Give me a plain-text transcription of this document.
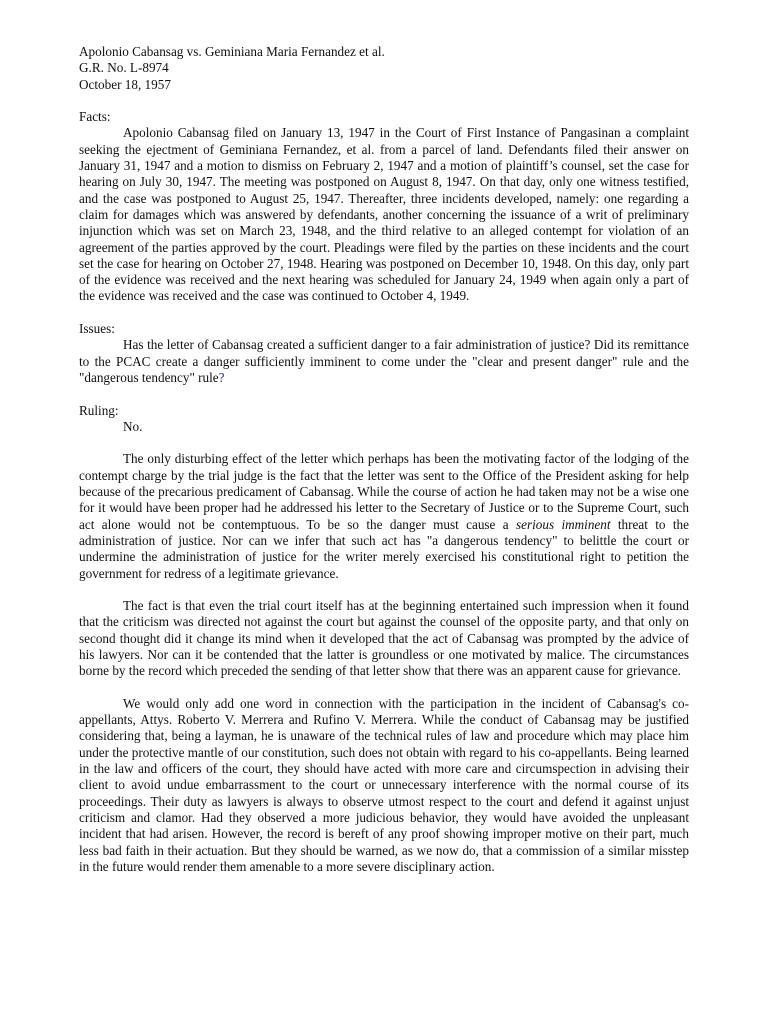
Apolonio Cabansag vs. Geminiana Maria Fernandez et al.
G.R. No. L-8974
October 18, 1957
Facts:

Apolonio Cabansag filed on January 13, 1947 in the Court of First Instance of Pangasinan a complaint seeking the ejectment of Geminiana Fernandez, et al. from a parcel of land. Defendants filed their answer on January 31, 1947 and a motion to dismiss on February 2, 1947 and a motion of plaintiff’s counsel, set the case for hearing on July 30, 1947. The meeting was postponed on August 8, 1947. On that day, only one witness testified, and the case was postponed to August 25, 1947. Thereafter, three incidents developed, namely: one regarding a claim for damages which was answered by defendants, another concerning the issuance of a writ of preliminary injunction which was set on March 23, 1948, and the third relative to an alleged contempt for violation of an agreement of the parties approved by the court. Pleadings were filed by the parties on these incidents and the court set the case for hearing on October 27, 1948. Hearing was postponed on December 10, 1948. On this day, only part of the evidence was received and the next hearing was scheduled for January 24, 1949 when again only a part of the evidence was received and the case was continued to October 4, 1949.

Issues:

Has the letter of Cabansag created a sufficient danger to a fair administration of justice? Did its remittance to the PCAC create a danger sufficiently imminent to come under the "clear and present danger" rule and the "dangerous tendency" rule?

Ruling:
No.

The only disturbing effect of the letter which perhaps has been the motivating factor of the lodging of the contempt charge by the trial judge is the fact that the letter was sent to the Office of the President asking for help because of the precarious predicament of Cabansag. While the course of action he had taken may not be a wise one for it would have been proper had he addressed his letter to the Secretary of Justice or to the Supreme Court, such act alone would not be contemptuous. To be so the danger must cause a serious imminent threat to the administration of justice. Nor can we infer that such act has "a dangerous tendency" to belittle the court or undermine the administration of justice for the writer merely exercised his constitutional right to petition the government for redress of a legitimate grievance.

The fact is that even the trial court itself has at the beginning entertained such impression when it found that the criticism was directed not against the court but against the counsel of the opposite party, and that only on second thought did it change its mind when it developed that the act of Cabansag was prompted by the advice of his lawyers. Nor can it be contended that the latter is groundless or one motivated by malice. The circumstances borne by the record which preceded the sending of that letter show that there was an apparent cause for grievance.

We would only add one word in connection with the participation in the incident of Cabansag's co-appellants, Attys. Roberto V. Merrera and Rufino V. Merrera. While the conduct of Cabansag may be justified considering that, being a layman, he is unaware of the technical rules of law and procedure which may place him under the protective mantle of our constitution, such does not obtain with regard to his co-appellants. Being learned in the law and officers of the court, they should have acted with more care and circumspection in advising their client to avoid undue embarrassment to the court or unnecessary interference with the normal course of its proceedings. Their duty as lawyers is always to observe utmost respect to the court and defend it against unjust criticism and clamor. Had they observed a more judicious behavior, they would have avoided the unpleasant incident that had arisen. However, the record is bereft of any proof showing improper motive on their part, much less bad faith in their actuation. But they should be warned, as we now do, that a commission of a similar misstep in the future would render them amenable to a more severe disciplinary action.
